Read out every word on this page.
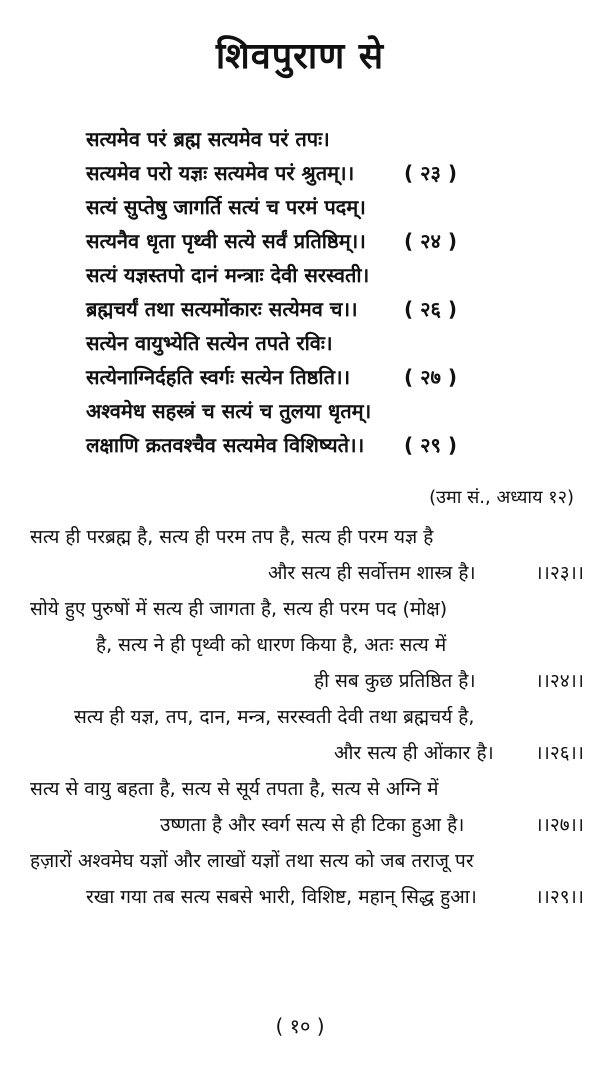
शिवपुराण से
सत्यमेव परं ब्रह्म सत्यमेव परं तपः।
सत्यमेव परो यज्ञः सत्यमेव परं श्रुतम्।। ( २३ )
सत्यं सुप्तेषु जागर्ति सत्यं च परमं पदम्।
सत्यनैव धृता पृथ्वी सत्ये सर्वं प्रतिष्ठिम्।। ( २४ )
सत्यं यज्ञस्तपो दानं मन्त्राः देवी सरस्वती।
ब्रह्मचर्यं तथा सत्यमोंकारः सत्येमव च।। ( २६ )
सत्येन वायुभ्येति सत्येन तपते रविः।
सत्येनाग्निर्दहति स्वर्गः सत्येन तिष्ठति।।	( २७ )
अश्वमेध सहस्त्रं च सत्यं च तुलया धृतम्।
लक्षाणि क्रतवश्चैव सत्यमेव विशिष्यते।। ( २९ )
(उमा सं., अध्याय १२)
सत्य ही परब्रह्म है, सत्य ही परम तप है, सत्य ही परम यज्ञ है
और सत्य ही सर्वोत्तम शास्त्र है।	।।२३।।
सोये हुए पुरुषों में सत्य ही जागता है, सत्य ही परम पद (मोक्ष)
है, सत्य ने ही पृथ्वी को धारण किया है, अतः सत्य में
ही सब कुछ प्रतिष्ठित है।	।।२४।।
सत्य ही यज्ञ, तप, दान, मन्त्र, सरस्वती देवी तथा ब्रह्मचर्य है,
और सत्य ही ओंकार है। ।।२६।।
सत्य से वायु बहता है, सत्य से सूर्य तपता है, सत्य से अग्नि में
उष्णता है और स्वर्ग सत्य से ही टिका हुआ है।	।।२७।।
हज़ारों अश्वमेघ यज्ञों और लाखों यज्ञों तथा सत्य को जब तराजू पर
रखा गया तब सत्य सबसे भारी, विशिष्ट, महान् सिद्ध हुआ।	।।२९।।
( १० )
